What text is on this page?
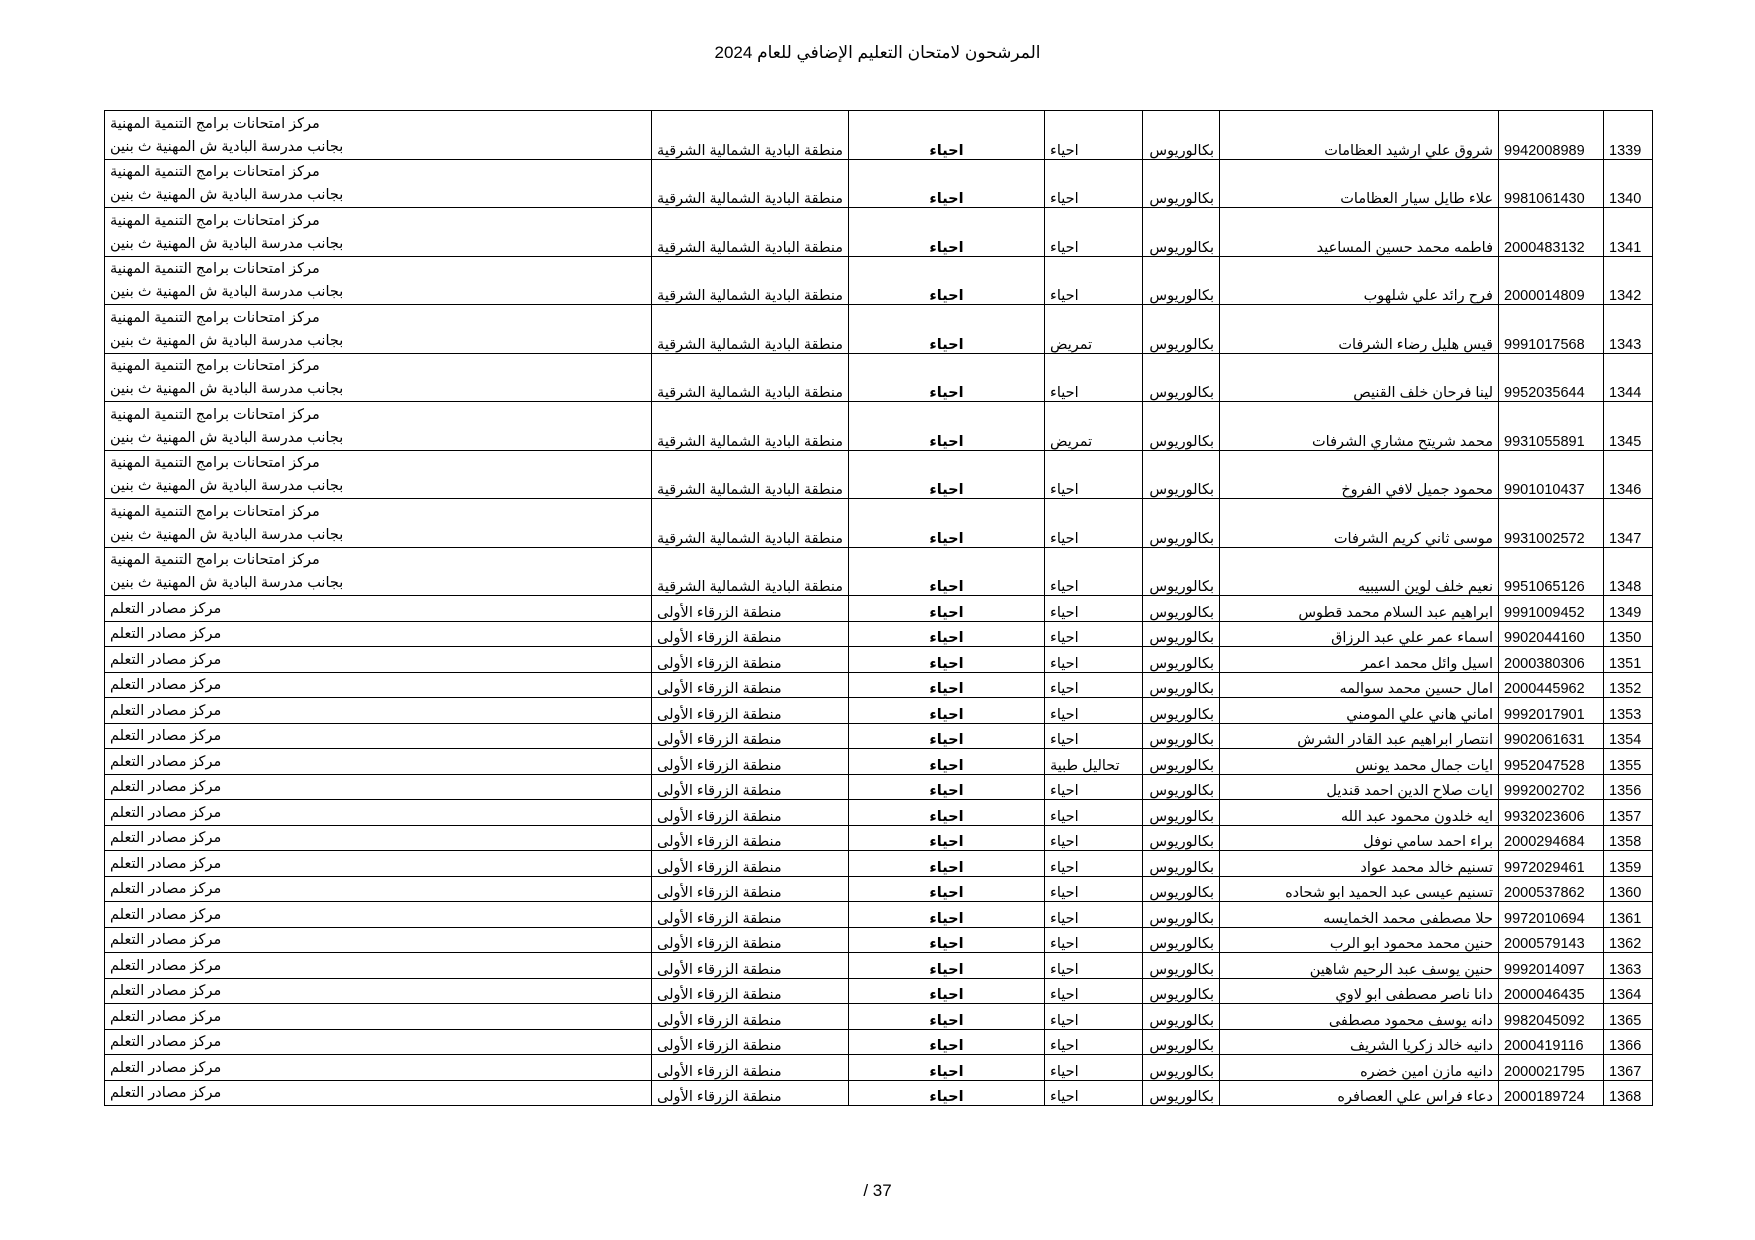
المرشحون لامتحان التعليم الإضافي للعام 2024
1339	9942008989	شروق علي ارشيد العظامات	بكالوريوس	احياء	احياء	منطقة البادية الشمالية الشرقية	مركز امتحانات برامج التنمية المهنية
بجانب مدرسة البادية ش المهنية ث بنين

1340	9981061430	علاء طايل سيار العظامات	بكالوريوس	احياء	احياء	منطقة البادية الشمالية الشرقية	مركز امتحانات برامج التنمية المهنية
بجانب مدرسة البادية ش المهنية ث بنين

1341	2000483132	فاطمه محمد حسين المساعيد	بكالوريوس	احياء	احياء	منطقة البادية الشمالية الشرقية	مركز امتحانات برامج التنمية المهنية
بجانب مدرسة البادية ش المهنية ث بنين

1342	2000014809	فرح رائد علي شلهوب	بكالوريوس	احياء	احياء	منطقة البادية الشمالية الشرقية	مركز امتحانات برامج التنمية المهنية
بجانب مدرسة البادية ش المهنية ث بنين

1343	9991017568	قيس هليل رضاء الشرفات	بكالوريوس	تمريض	احياء	منطقة البادية الشمالية الشرقية	مركز امتحانات برامج التنمية المهنية
بجانب مدرسة البادية ش المهنية ث بنين

1344	9952035644	لينا فرحان خلف القنيص	بكالوريوس	احياء	احياء	منطقة البادية الشمالية الشرقية	مركز امتحانات برامج التنمية المهنية
بجانب مدرسة البادية ش المهنية ث بنين

1345	9931055891	محمد شريتح مشاري الشرفات	بكالوريوس	تمريض	احياء	منطقة البادية الشمالية الشرقية	مركز امتحانات برامج التنمية المهنية
بجانب مدرسة البادية ش المهنية ث بنين

1346	9901010437	محمود جميل لافي الفروخ	بكالوريوس	احياء	احياء	منطقة البادية الشمالية الشرقية	مركز امتحانات برامج التنمية المهنية
بجانب مدرسة البادية ش المهنية ث بنين

1347	9931002572	موسى ثاني كريم الشرفات	بكالوريوس	احياء	احياء	منطقة البادية الشمالية الشرقية	مركز امتحانات برامج التنمية المهنية
بجانب مدرسة البادية ش المهنية ث بنين

1348	9951065126	نعيم خلف لوين السيبيه	بكالوريوس	احياء	احياء	منطقة البادية الشمالية الشرقية	مركز امتحانات برامج التنمية المهنية
بجانب مدرسة البادية ش المهنية ث بنين

1349	9991009452	ابراهيم عبد السلام محمد قطوس	بكالوريوس	احياء	احياء	منطقة الزرقاء الأولى	مركز مصادر التعلم

1350	9902044160	اسماء عمر علي عبد الرزاق	بكالوريوس	احياء	احياء	منطقة الزرقاء الأولى	مركز مصادر التعلم

1351	2000380306	اسيل وائل محمد اعمر	بكالوريوس	احياء	احياء	منطقة الزرقاء الأولى	مركز مصادر التعلم

1352	2000445962	امال حسين محمد سوالمه	بكالوريوس	احياء	احياء	منطقة الزرقاء الأولى	مركز مصادر التعلم

1353	9992017901	اماني هاني علي المومني	بكالوريوس	احياء	احياء	منطقة الزرقاء الأولى	مركز مصادر التعلم

1354	9902061631	انتصار ابراهيم عبد القادر الشرش	بكالوريوس	احياء	احياء	منطقة الزرقاء الأولى	مركز مصادر التعلم

1355	9952047528	ايات جمال محمد يونس	بكالوريوس	تحاليل طبية	احياء	منطقة الزرقاء الأولى	مركز مصادر التعلم

1356	9992002702	ايات صلاح الدين احمد قنديل	بكالوريوس	احياء	احياء	منطقة الزرقاء الأولى	مركز مصادر التعلم

1357	9932023606	ايه خلدون محمود عبد الله	بكالوريوس	احياء	احياء	منطقة الزرقاء الأولى	مركز مصادر التعلم

1358	2000294684	براء احمد سامي نوفل	بكالوريوس	احياء	احياء	منطقة الزرقاء الأولى	مركز مصادر التعلم

1359	9972029461	تسنيم خالد محمد عواد	بكالوريوس	احياء	احياء	منطقة الزرقاء الأولى	مركز مصادر التعلم

1360	2000537862	تسنيم عيسى عبد الحميد ابو شحاده	بكالوريوس	احياء	احياء	منطقة الزرقاء الأولى	مركز مصادر التعلم

1361	9972010694	حلا مصطفى محمد الخمايسه	بكالوريوس	احياء	احياء	منطقة الزرقاء الأولى	مركز مصادر التعلم

1362	2000579143	حنين محمد محمود ابو الرب	بكالوريوس	احياء	احياء	منطقة الزرقاء الأولى	مركز مصادر التعلم

1363	9992014097	حنين يوسف عبد الرحيم شاهين	بكالوريوس	احياء	احياء	منطقة الزرقاء الأولى	مركز مصادر التعلم

1364	2000046435	دانا ناصر مصطفى ابو لاوي	بكالوريوس	احياء	احياء	منطقة الزرقاء الأولى	مركز مصادر التعلم

1365	9982045092	دانه يوسف محمود مصطفى	بكالوريوس	احياء	احياء	منطقة الزرقاء الأولى	مركز مصادر التعلم

1366	2000419116	دانيه خالد زكريا الشريف	بكالوريوس	احياء	احياء	منطقة الزرقاء الأولى	مركز مصادر التعلم

1367	2000021795	دانيه مازن امين خضره	بكالوريوس	احياء	احياء	منطقة الزرقاء الأولى	مركز مصادر التعلم

1368	2000189724	دعاء فراس علي العصافره	بكالوريوس	احياء	احياء	منطقة الزرقاء الأولى	مركز مصادر التعلم
37 /
